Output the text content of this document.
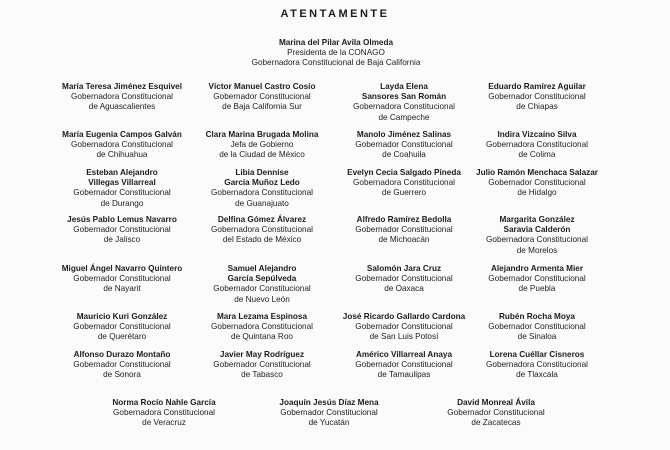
ATENTAMENTE
Marina del Pilar Avila Olmeda
Presidenta de la CONAGO
Gobernadora Constitucional de Baja California
María Teresa Jiménez Esquivel
Gobernadora Constitucional
de Aguascalientes
Víctor Manuel Castro Cosío
Gobernador Constitucional
de Baja California Sur
Layda Elena
Sansores San Román
Gobernadora Constitucional
de Campeche
Eduardo Ramírez Aguilar
Gobernador Constitucional
de Chiapas
María Eugenia Campos Galván
Gobernadora Constitucional
de Chihuahua
Clara Marina Brugada Molina
Jefa de Gobierno
de la Ciudad de México
Manolo Jiménez Salinas
Gobernador Constitucional
de Coahuila
Indira Vizcaíno Silva
Gobernadora Constitucional
de Colima
Esteban Alejandro
Villegas Villarreal
Gobernador Constitucional
de Durango
Libia Dennise
García Muñoz Ledo
Gobernadora Constitucional
de Guanajuato
Evelyn Cecia Salgado Pineda
Gobernadora Constitucional
de Guerrero
Julio Ramón Menchaca Salazar
Gobernador Constitucional
de Hidalgo
Jesús Pablo Lemus Navarro
Gobernador Constitucional
de Jalisco
Delfina Gómez Álvarez
Gobernadora Constitucional
del Estado de México
Alfredo Ramírez Bedolla
Gobernador Constitucional
de Michoacán
Margarita González
Saravia Calderón
Gobernadora Constitucional
de Morelos
Miguel Ángel Navarro Quintero
Gobernador Constitucional
de Nayarit
Samuel Alejandro
García Sepúlveda
Gobernador Constitucional
de Nuevo León
Salomón Jara Cruz
Gobernador Constitucional
de Oaxaca
Alejandro Armenta Mier
Gobernador Constitucional
de Puebla
Mauricio Kuri González
Gobernador Constitucional
de Querétaro
Mara Lezama Espinosa
Gobernadora Constitucional
de Quintana Roo
José Ricardo Gallardo Cardona
Gobernador Constitucional
de San Luis Potosí
Rubén Rocha Moya
Gobernador Constitucional
de Sinaloa
Alfonso Durazo Montaño
Gobernador Constitucional
de Sonora
Javier May Rodríguez
Gobernador Constitucional
de Tabasco
Américo Villarreal Anaya
Gobernador Constitucional
de Tamaulipas
Lorena Cuéllar Cisneros
Gobernadora Constitucional
de Tlaxcala
Norma Rocío Nahle García
Gobernadora Constitucional
de Veracruz
Joaquín Jesús Díaz Mena
Gobernador Constitucional
de Yucatán
David Monreal Ávila
Gobernador Constitucional
de Zacatecas
